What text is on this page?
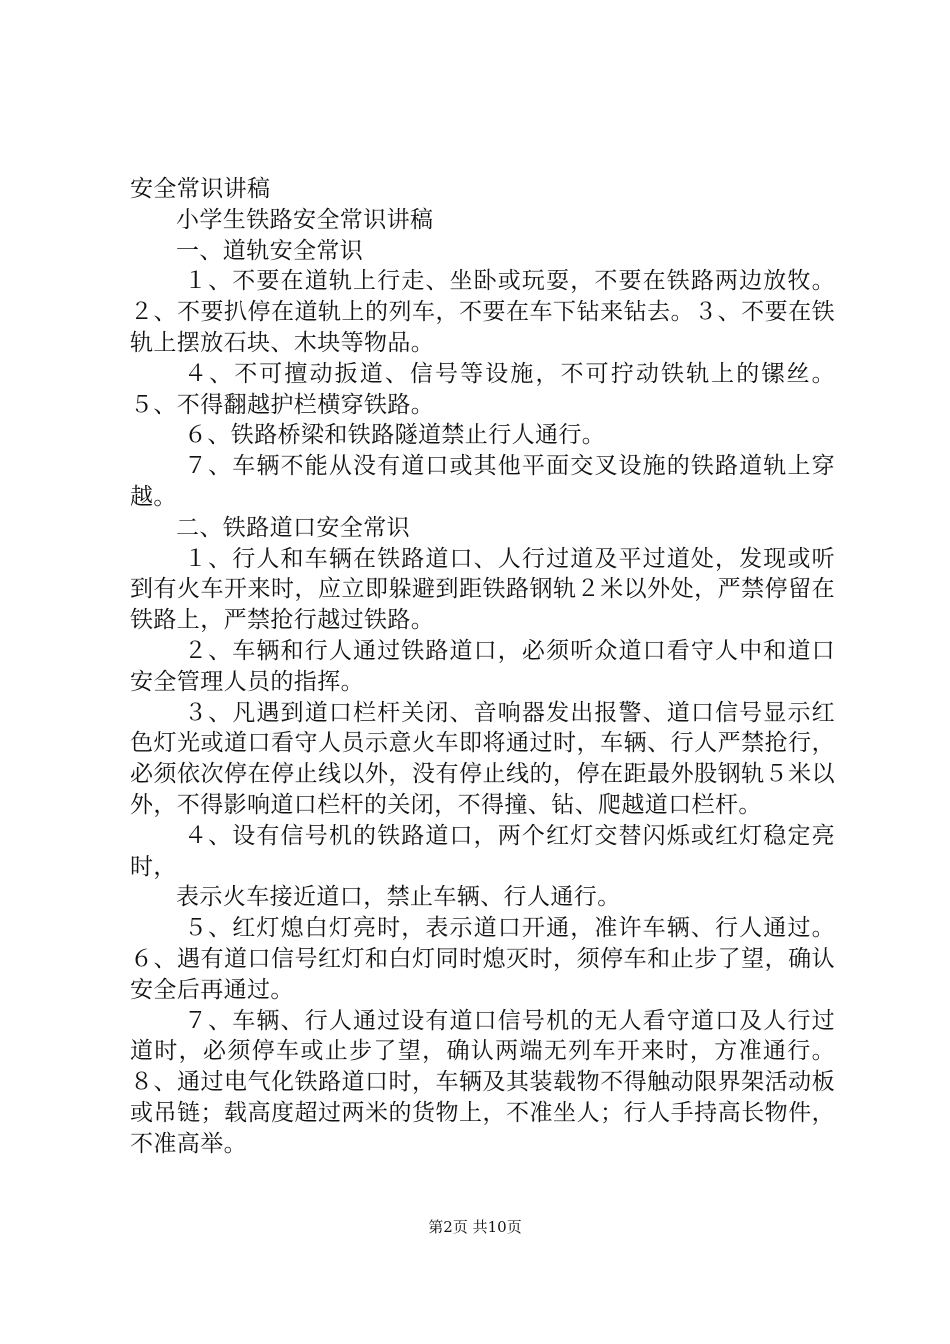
安全常识讲稿

小学生铁路安全常识讲稿

一、道轨安全常识

１、不要在道轨上行走、坐卧或玩耍，不要在铁路两边放牧。２、不要扒停在道轨上的列车，不要在车下钻来钻去。３、不要在铁轨上摆放石块、木块等物品。

４、不可擅动扳道、信号等设施，不可拧动铁轨上的镙丝。５、不得翻越护栏横穿铁路。

６、铁路桥梁和铁路隧道禁止行人通行。

７、车辆不能从没有道口或其他平面交叉设施的铁路道轨上穿越。

二、铁路道口安全常识

１、行人和车辆在铁路道口、人行过道及平过道处，发现或听到有火车开来时，应立即躲避到距铁路钢轨２米以外处，严禁停留在铁路上，严禁抢行越过铁路。

２、车辆和行人通过铁路道口，必须听众道口看守人中和道口安全管理人员的指挥。

３、凡遇到道口栏杆关闭、音响器发出报警、道口信号显示红色灯光或道口看守人员示意火车即将通过时，车辆、行人严禁抢行，必须依次停在停止线以外，没有停止线的，停在距最外股钢轨５米以外，不得影响道口栏杆的关闭，不得撞、钻、爬越道口栏杆。

４、设有信号机的铁路道口，两个红灯交替闪烁或红灯稳定亮时，

表示火车接近道口，禁止车辆、行人通行。

５、红灯熄白灯亮时，表示道口开通，准许车辆、行人通过。６、遇有道口信号红灯和白灯同时熄灭时，须停车和止步了望，确认安全后再通过。

７、车辆、行人通过设有道口信号机的无人看守道口及人行过道时，必须停车或止步了望，确认两端无列车开来时，方准通行。８、通过电气化铁路道口时，车辆及其装载物不得触动限界架活动板或吊链；载高度超过两米的货物上，不准坐人；行人手持高长物件，不准高举。

第2页 共10页
